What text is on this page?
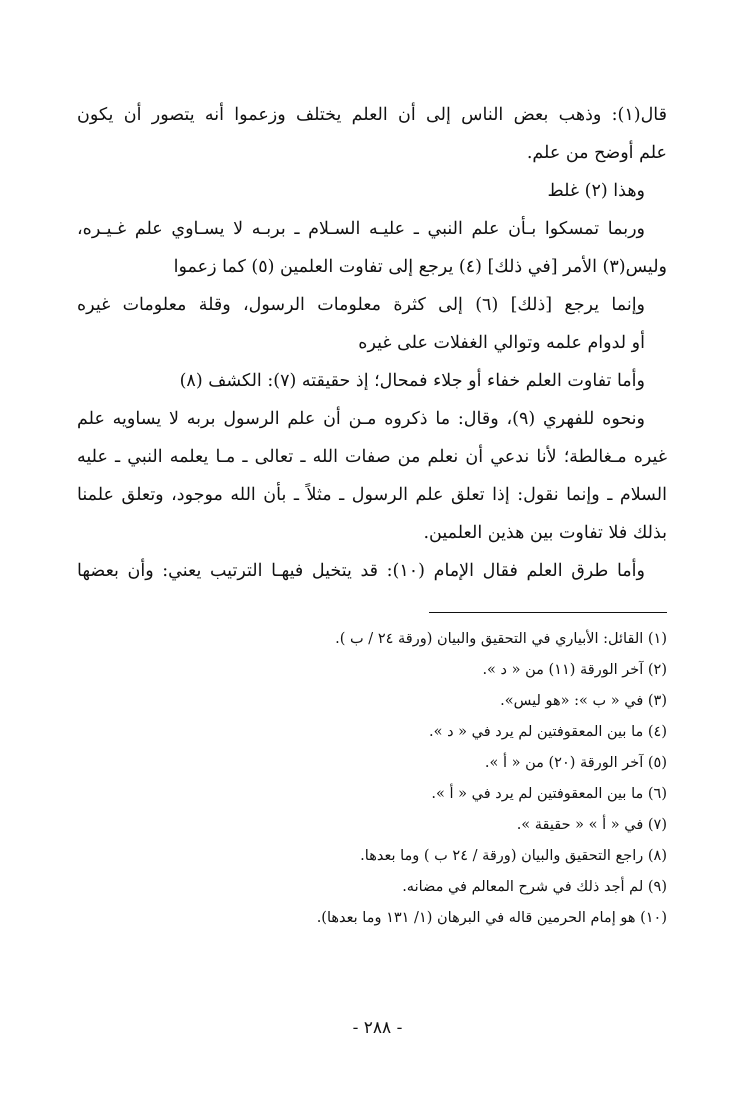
قال(١): وذهب بعض الناس إلى أن العلم يختلف وزعموا أنه يتصور أن يكون
علم أوضح من علم.
وهذا (٢) غلط
وربما تمسكوا بـأن علم النبي ـ عليـه السـلام ـ بربـه لا يسـاوي علم غـيـره،
وليس(٣) الأمر [في ذلك] (٤) يرجع إلى تفاوت العلمين (٥) كما زعموا
وإنما يرجع [ذلك] (٦) إلى كثرة معلومات الرسول، وقلة معلومات غيره
أو لدوام علمه وتوالي الغفلات على غيره
وأما تفاوت العلم خفاء أو جلاء فمحال؛ إذ حقيقته (٧): الكشف (٨)
ونحوه للفهري (٩)، وقال: ما ذكروه مـن أن علم الرسول بربه لا يساويه علم
غيره مـغالطة؛ لأنا ندعي أن نعلم من صفات الله ـ تعالى ـ مـا يعلمه النبي ـ عليه
السلام ـ وإنما نقول: إذا تعلق علم الرسول ـ مثلاً ـ بأن الله موجود، وتعلق علمنا
بذلك فلا تفاوت بين هذين العلمين.
وأما طرق العلم فقال الإمام (١٠): قد يتخيل فيهـا الترتيب يعني: وأن بعضها
(١) القائل: الأبياري في التحقيق والبيان (ورقة ٢٤ / ب ).
(٢) آخر الورقة (١١) من « د ».
(٣) في « ب »: «هو ليس».
(٤) ما بين المعقوفتين لم يرد في « د ».
(٥) آخر الورقة (٢٠) من « أ ».
(٦) ما بين المعقوفتين لم يرد في « أ ».
(٧) في « أ » « حقيقة ».
(٨) راجع التحقيق والبيان (ورقة / ٢٤ ب ) وما بعدها.
(٩) لم أجد ذلك في شرح المعالم في مضانه.
(١٠) هو إمام الحرمين قاله في البرهان (١/ ١٣١ وما بعدها).
- ٢٨٨ -
